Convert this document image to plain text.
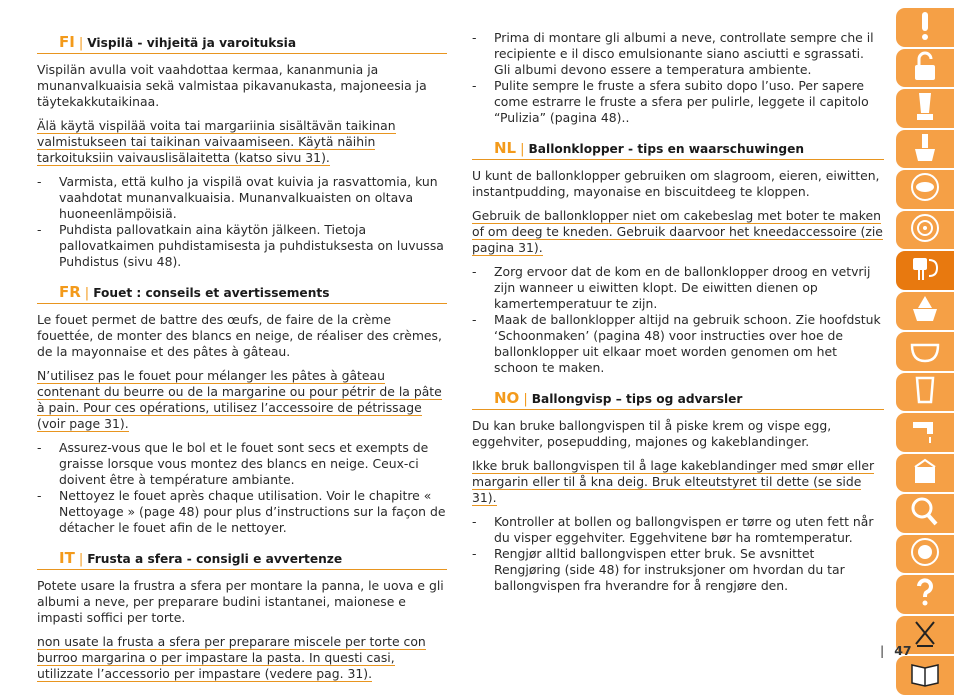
FI | Vispilä - vihjeitä ja varoituksia

Vispilän avulla voit vaahdottaa kermaa, kananmunia ja munanvalkuaisia sekä valmistaa pikavanukasta, majoneesia ja täytekakkutaikinaa.

Älä käytä vispilää voita tai margariinia sisältävän taikinan valmistukseen tai taikinan vaivaamiseen. Käytä näihin tarkoituksiin vaivauslisälaitetta (katso sivu 31).

- Varmista, että kulho ja vispilä ovat kuivia ja rasvattomia, kun vaahdotat munanvalkuaisia. Munanvalkuaisten on oltava huoneenlämpöisiä.
- Puhdista pallovatkain aina käytön jälkeen. Tietoja pallovatkaimen puhdistamisesta ja puhdistuksesta on luvussa Puhdistus (sivu 48).
FR | Fouet : conseils et avertissements

Le fouet permet de battre des œufs, de faire de la crème fouettée, de monter des blancs en neige, de réaliser des crèmes, de la mayonnaise et des pâtes à gâteau.

N’utilisez pas le fouet pour mélanger les pâtes à gâteau contenant du beurre ou de la margarine ou pour pétrir de la pâte à pain. Pour ces opérations, utilisez l’accessoire de pétrissage (voir page 31).

- Assurez-vous que le bol et le fouet sont secs et exempts de graisse lorsque vous montez des blancs en neige. Ceux-ci doivent être à température ambiante.
- Nettoyez le fouet après chaque utilisation. Voir le chapitre « Nettoyage » (page 48) pour plus d’instructions sur la façon de détacher le fouet afin de le nettoyer.
IT | Frusta a sfera - consigli e avvertenze

Potete usare la frustra a sfera per montare la panna, le uova e gli albumi a neve, per preparare budini istantanei, maionese e impasti soffici per torte.

non usate la frusta a sfera per preparare miscele per torte con burroo margarina o per impastare la pasta. In questi casi, utilizzate l’accessorio per impastare (vedere pag. 31).

- Prima di montare gli albumi a neve, controllate sempre che il recipiente e il disco emulsionante siano asciutti e sgrassati. Gli albumi devono essere a temperatura ambiente.
- Pulite sempre le fruste a sfera subito dopo l’uso. Per sapere come estrarre le fruste a sfera per pulirle, leggete il capitolo “Pulizia” (pagina 48)..
NL | Ballonklopper - tips en waarschuwingen

U kunt de ballonklopper gebruiken om slagroom, eieren, eiwitten, instantpudding, mayonaise en biscuitdeeg te kloppen.

Gebruik de ballonklopper niet om cakebeslag met boter te maken of om deeg te kneden. Gebruik daarvoor het kneedaccessoire (zie pagina 31).

- Zorg ervoor dat de kom en de ballonklopper droog en vetvrij zijn wanneer u eiwitten klopt. De eiwitten dienen op kamertemperatuur te zijn.
- Maak de ballonklopper altijd na gebruik schoon. Zie hoofdstuk ‘Schoonmaken’ (pagina 48) voor instructies over hoe de ballonklopper uit elkaar moet worden genomen om het schoon te maken.
NO | Ballongvisp – tips og advarsler

Du kan bruke ballongvispen til å piske krem og vispe egg, eggehviter, posepudding, majones og kakeblandinger.

Ikke bruk ballongvispen til å lage kakeblandinger med smør eller margarin eller til å kna deig. Bruk elteutstyret til dette (se side 31).

- Kontroller at bollen og ballongvispen er tørre og uten fett når du visper eggehviter. Eggehvitene bør ha romtemperatur.
- Rengjør alltid ballongvispen etter bruk. Se avsnittet Rengjøring (side 48) for instruksjoner om hvordan du tar ballongvispen fra hverandre for å rengjøre den.
| 47
